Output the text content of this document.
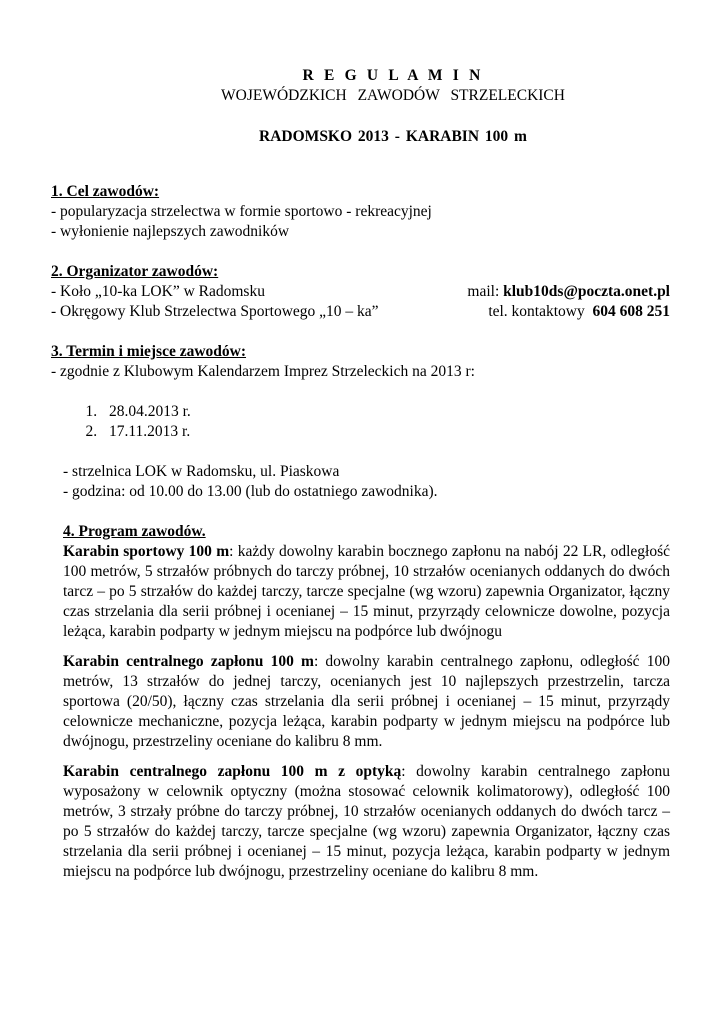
R E G U L A M I N
WOJEWÓDZKICH ZAWODÓW STRZELECKICH
RADOMSKO 2013 - KARABIN 100 m
1. Cel zawodów:
- popularyzacja strzelectwa w formie sportowo - rekreacyjnej
- wyłonienie najlepszych zawodników
2. Organizator zawodów:
- Koło „10-ka LOK” w Radomsku	mail: klub10ds@poczta.onet.pl
- Okręgowy Klub Strzelectwa Sportowego „10 – ka”	tel. kontaktowy  604 608 251
3. Termin i miejsce zawodów:
- zgodnie z Klubowym Kalendarzem Imprez Strzeleckich na 2013 r:
1. 28.04.2013 r.
2. 17.11.2013 r.
- strzelnica LOK w Radomsku, ul. Piaskowa
- godzina: od 10.00 do 13.00 (lub do ostatniego zawodnika).
4. Program zawodów.
Karabin sportowy 100 m: każdy dowolny karabin bocznego zapłonu na nabój 22 LR, odległość 100 metrów, 5 strzałów próbnych do tarczy próbnej, 10 strzałów ocenianych oddanych do dwóch tarcz – po 5 strzałów do każdej tarczy, tarcze specjalne (wg wzoru) zapewnia Organizator, łączny czas strzelania dla serii próbnej i ocenianej – 15 minut, przyrządy celownicze dowolne, pozycja leżąca, karabin podparty w jednym miejscu na podpórce lub dwójnogu
Karabin centralnego zapłonu 100 m: dowolny karabin centralnego zapłonu, odległość 100 metrów, 13 strzałów do jednej tarczy, ocenianych jest 10 najlepszych przestrzelin, tarcza sportowa (20/50), łączny czas strzelania dla serii próbnej i ocenianej – 15 minut, przyrządy celownicze mechaniczne, pozycja leżąca, karabin podparty w jednym miejscu na podpórce lub dwójnogu, przestrzeliny oceniane do kalibru 8 mm.
Karabin centralnego zapłonu 100 m z optyką: dowolny karabin centralnego zapłonu wyposażony w celownik optyczny (można stosować celownik kolimatorowy), odległość 100 metrów, 3 strzały próbne do tarczy próbnej, 10 strzałów ocenianych oddanych do dwóch tarcz – po 5 strzałów do każdej tarczy, tarcze specjalne (wg wzoru) zapewnia Organizator, łączny czas strzelania dla serii próbnej i ocenianej – 15 minut, pozycja leżąca, karabin podparty w jednym miejscu na podpórce lub dwójnogu, przestrzeliny oceniane do kalibru 8 mm.
